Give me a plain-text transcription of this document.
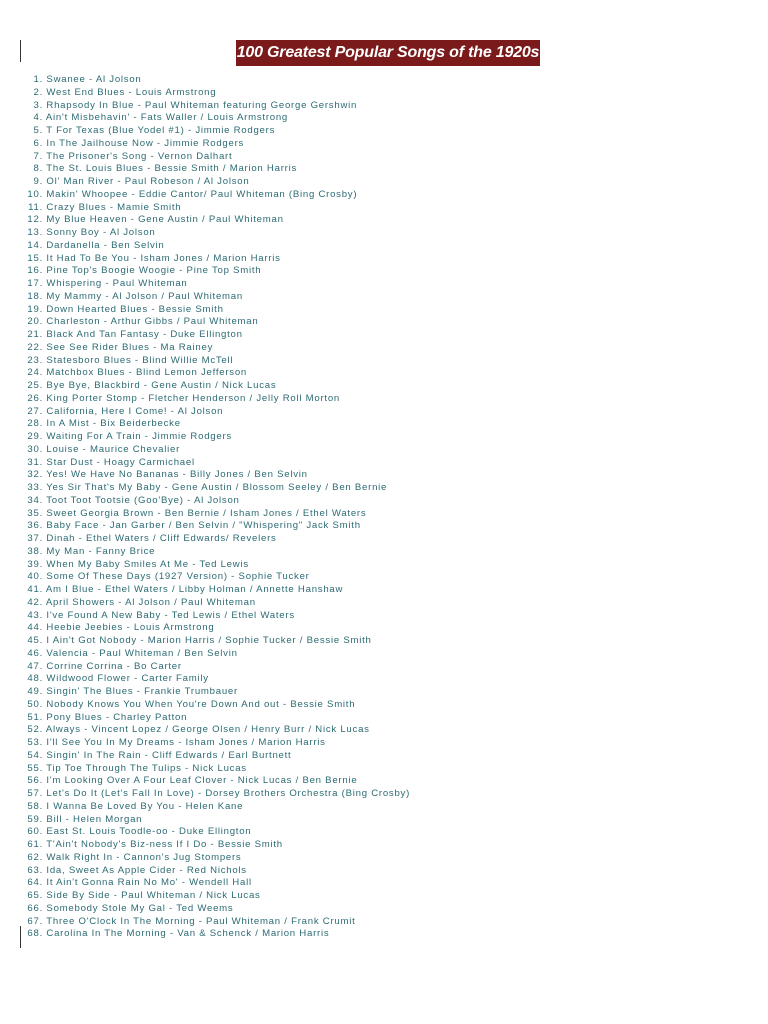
100 Greatest Popular Songs of the 1920s
1. Swanee - Al Jolson
2. West End Blues - Louis Armstrong
3. Rhapsody In Blue - Paul Whiteman featuring George Gershwin
4. Ain't Misbehavin' - Fats Waller / Louis Armstrong
5. T For Texas (Blue Yodel #1) - Jimmie Rodgers
6. In The Jailhouse Now - Jimmie Rodgers
7. The Prisoner's Song - Vernon Dalhart
8. The St. Louis Blues - Bessie Smith / Marion Harris
9. Ol' Man River - Paul Robeson / Al Jolson
10. Makin' Whoopee - Eddie Cantor/ Paul Whiteman (Bing Crosby)
11. Crazy Blues - Mamie Smith
12. My Blue Heaven - Gene Austin / Paul Whiteman
13. Sonny Boy - Al Jolson
14. Dardanella - Ben Selvin
15. It Had To Be You - Isham Jones / Marion Harris
16. Pine Top's Boogie Woogie - Pine Top Smith
17. Whispering - Paul Whiteman
18. My Mammy - Al Jolson / Paul Whiteman
19. Down Hearted Blues - Bessie Smith
20. Charleston - Arthur Gibbs / Paul Whiteman
21. Black And Tan Fantasy - Duke Ellington
22. See See Rider Blues - Ma Rainey
23. Statesboro Blues - Blind Willie McTell
24. Matchbox Blues - Blind Lemon Jefferson
25. Bye Bye, Blackbird - Gene Austin / Nick Lucas
26. King Porter Stomp - Fletcher Henderson / Jelly Roll Morton
27. California, Here I Come! - Al Jolson
28. In A Mist - Bix Beiderbecke
29. Waiting For A Train - Jimmie Rodgers
30. Louise - Maurice Chevalier
31. Star Dust - Hoagy Carmichael
32. Yes! We Have No Bananas - Billy Jones / Ben Selvin
33. Yes Sir That's My Baby - Gene Austin / Blossom Seeley / Ben Bernie
34. Toot Toot Tootsie (Goo'Bye) - Al Jolson
35. Sweet Georgia Brown - Ben Bernie / Isham Jones / Ethel Waters
36. Baby Face - Jan Garber / Ben Selvin / "Whispering" Jack Smith
37. Dinah - Ethel Waters / Cliff Edwards/ Revelers
38. My Man - Fanny Brice
39. When My Baby Smiles At Me - Ted Lewis
40. Some Of These Days (1927 Version) - Sophie Tucker
41. Am I Blue - Ethel Waters / Libby Holman / Annette Hanshaw
42. April Showers - Al Jolson / Paul Whiteman
43. I've Found A New Baby - Ted Lewis / Ethel Waters
44. Heebie Jeebies - Louis Armstrong
45. I Ain't Got Nobody - Marion Harris / Sophie Tucker / Bessie Smith
46. Valencia - Paul Whiteman / Ben Selvin
47. Corrine Corrina - Bo Carter
48. Wildwood Flower - Carter Family
49. Singin' The Blues - Frankie Trumbauer
50. Nobody Knows You When You're Down And out - Bessie Smith
51. Pony Blues - Charley Patton
52. Always - Vincent Lopez / George Olsen / Henry Burr / Nick Lucas
53. I'll See You In My Dreams - Isham Jones / Marion Harris
54. Singin' In The Rain - Cliff Edwards / Earl Burtnett
55. Tip Toe Through The Tulips - Nick Lucas
56. I'm Looking Over A Four Leaf Clover - Nick Lucas / Ben Bernie
57. Let's Do It (Let's Fall In Love) - Dorsey Brothers Orchestra (Bing Crosby)
58. I Wanna Be Loved By You - Helen Kane
59. Bill - Helen Morgan
60. East St. Louis Toodle-oo - Duke Ellington
61. T'Ain't Nobody's Biz-ness If I Do - Bessie Smith
62. Walk Right In - Cannon's Jug Stompers
63. Ida, Sweet As Apple Cider - Red Nichols
64. It Ain't Gonna Rain No Mo' - Wendell Hall
65. Side By Side - Paul Whiteman / Nick Lucas
66. Somebody Stole My Gal - Ted Weems
67. Three O'Clock In The Morning - Paul Whiteman / Frank Crumit
68. Carolina In The Morning - Van & Schenck / Marion Harris
